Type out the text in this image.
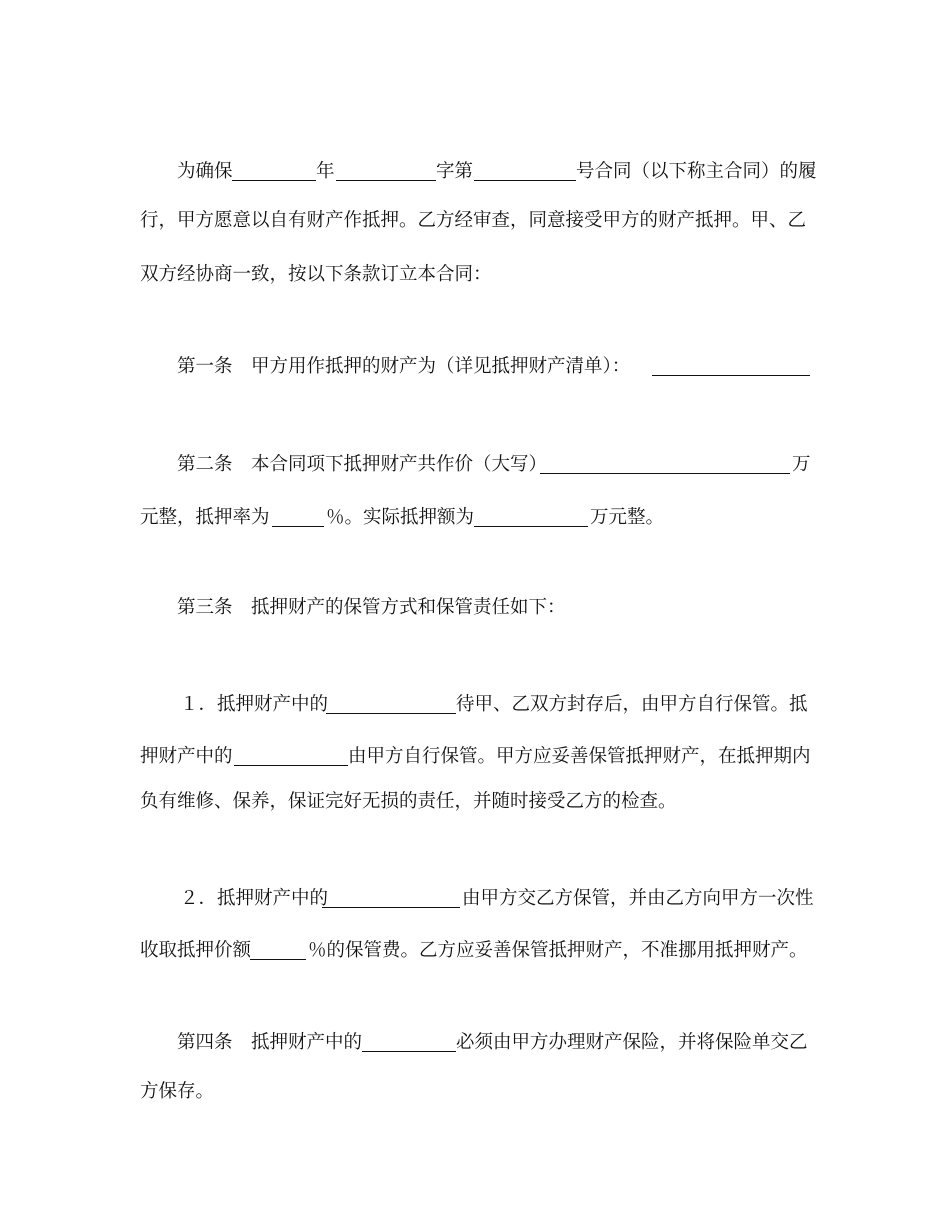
为确保	年	字第	号合同（以下称主合同）的履
行，甲方愿意以自有财产作抵押。乙方经审查，同意接受甲方的财产抵押。甲、乙
双方经协商一致，按以下条款订立本合同：
第一条　甲方用作抵押的财产为（详见抵押财产清单）：
第二条　本合同项下抵押财产共作价（大写）	万
元整，抵押率为	％。实际抵押额为	万元整。
第三条　抵押财产的保管方式和保管责任如下：
１．抵押财产中的	待甲、乙双方封存后，由甲方自行保管。抵
押财产中的	由甲方自行保管。甲方应妥善保管抵押财产，在抵押期内
负有维修、保养，保证完好无损的责任，并随时接受乙方的检查。
２．抵押财产中的	由甲方交乙方保管，并由乙方向甲方一次性
收取抵押价额	％的保管费。乙方应妥善保管抵押财产，不准挪用抵押财产。
第四条　抵押财产中的	必须由甲方办理财产保险，并将保险单交乙
方保存。
